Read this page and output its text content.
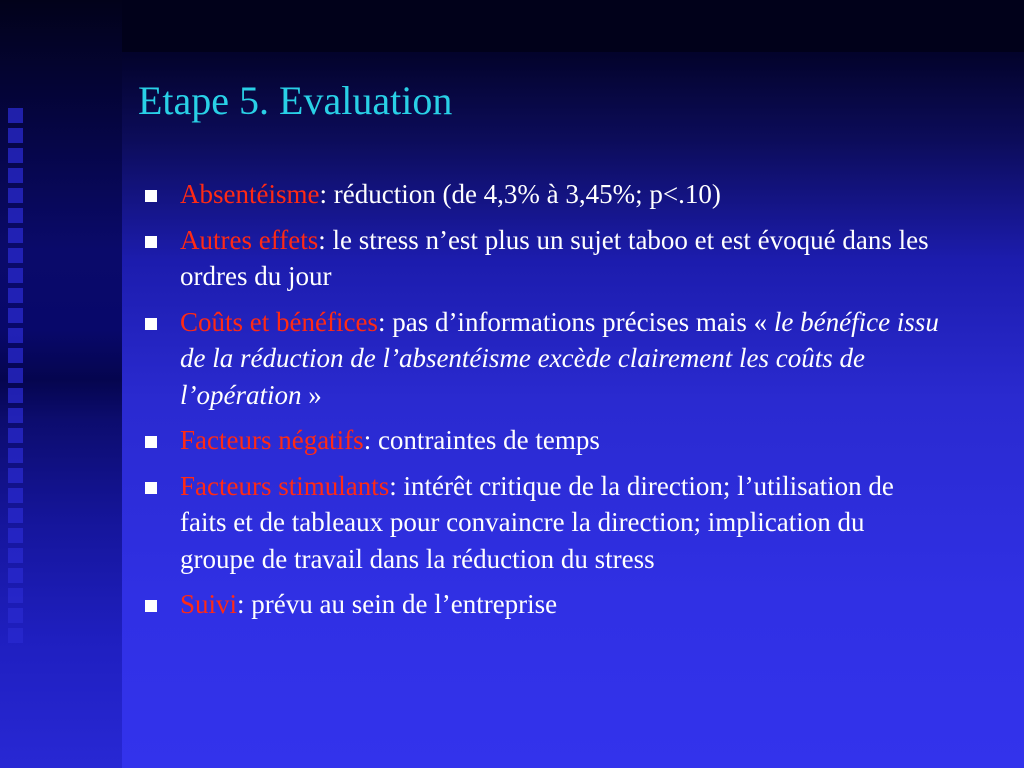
Etape 5. Evaluation
Absentéisme: réduction (de 4,3% à 3,45%; p<.10)
Autres effets: le stress n’est plus un sujet taboo et est évoqué dans les ordres du jour
Coûts et bénéfices: pas d’informations précises mais « le bénéfice issu de la réduction de l’absentéisme excède clairement les coûts de l’opération »
Facteurs négatifs: contraintes de temps
Facteurs stimulants: intérêt critique de la direction; l’utilisation de faits et de tableaux pour convaincre la direction; implication du groupe de travail dans la réduction du stress
Suivi: prévu au sein de l’entreprise
